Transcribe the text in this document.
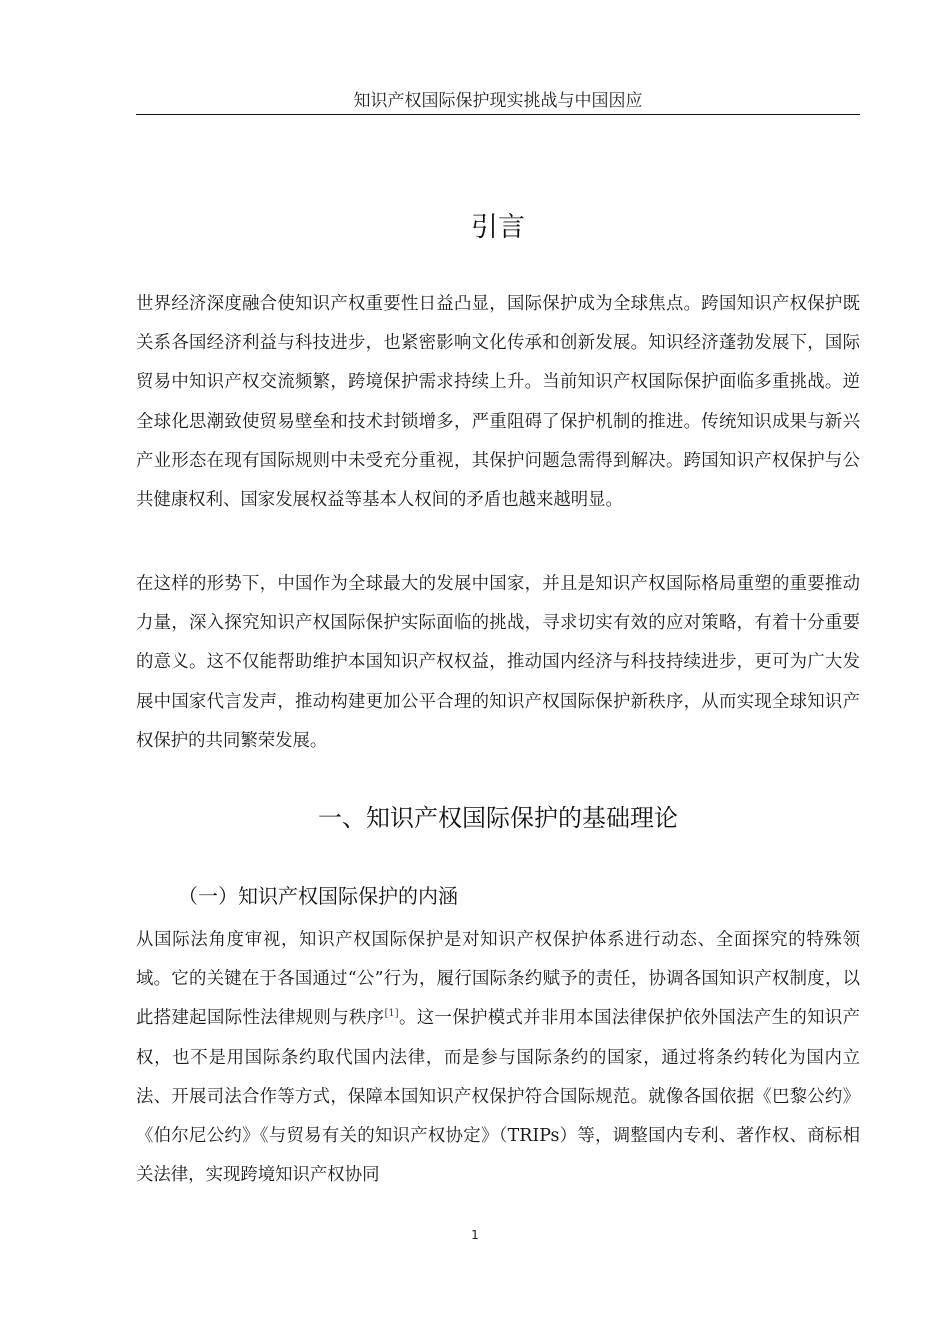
知识产权国际保护现实挑战与中国因应
引言

世界经济深度融合使知识产权重要性日益凸显，国际保护成为全球焦点。跨国知识产权保护既关系各国经济利益与科技进步，也紧密影响文化传承和创新发展。知识经济蓬勃发展下，国际贸易中知识产权交流频繁，跨境保护需求持续上升。当前知识产权国际保护面临多重挑战。逆全球化思潮致使贸易壁垒和技术封锁增多，严重阻碍了保护机制的推进。传统知识成果与新兴产业形态在现有国际规则中未受充分重视，其保护问题急需得到解决。跨国知识产权保护与公共健康权利、国家发展权益等基本人权间的矛盾也越来越明显。

在这样的形势下，中国作为全球最大的发展中国家，并且是知识产权国际格局重塑的重要推动力量，深入探究知识产权国际保护实际面临的挑战，寻求切实有效的应对策略，有着十分重要的意义。这不仅能帮助维护本国知识产权权益，推动国内经济与科技持续进步，更可为广大发展中国家代言发声，推动构建更加公平合理的知识产权国际保护新秩序，从而实现全球知识产权保护的共同繁荣发展。

一、知识产权国际保护的基础理论
（一）知识产权国际保护的内涵

从国际法角度审视，知识产权国际保护是对知识产权保护体系进行动态、全面探究的特殊领域。它的关键在于各国通过“公”行为，履行国际条约赋予的责任，协调各国知识产权制度，以此搭建起国际性法律规则与秩序[1]。这一保护模式并非用本国法律保护依外国法产生的知识产权，也不是用国际条约取代国内法律，而是参与国际条约的国家，通过将条约转化为国内立法、开展司法合作等方式，保障本国知识产权保护符合国际规范。就像各国依据《巴黎公约》《伯尔尼公约》《与贸易有关的知识产权协定》（TRIPs）等，调整国内专利、著作权、商标相关法律，实现跨境知识产权协同

1
